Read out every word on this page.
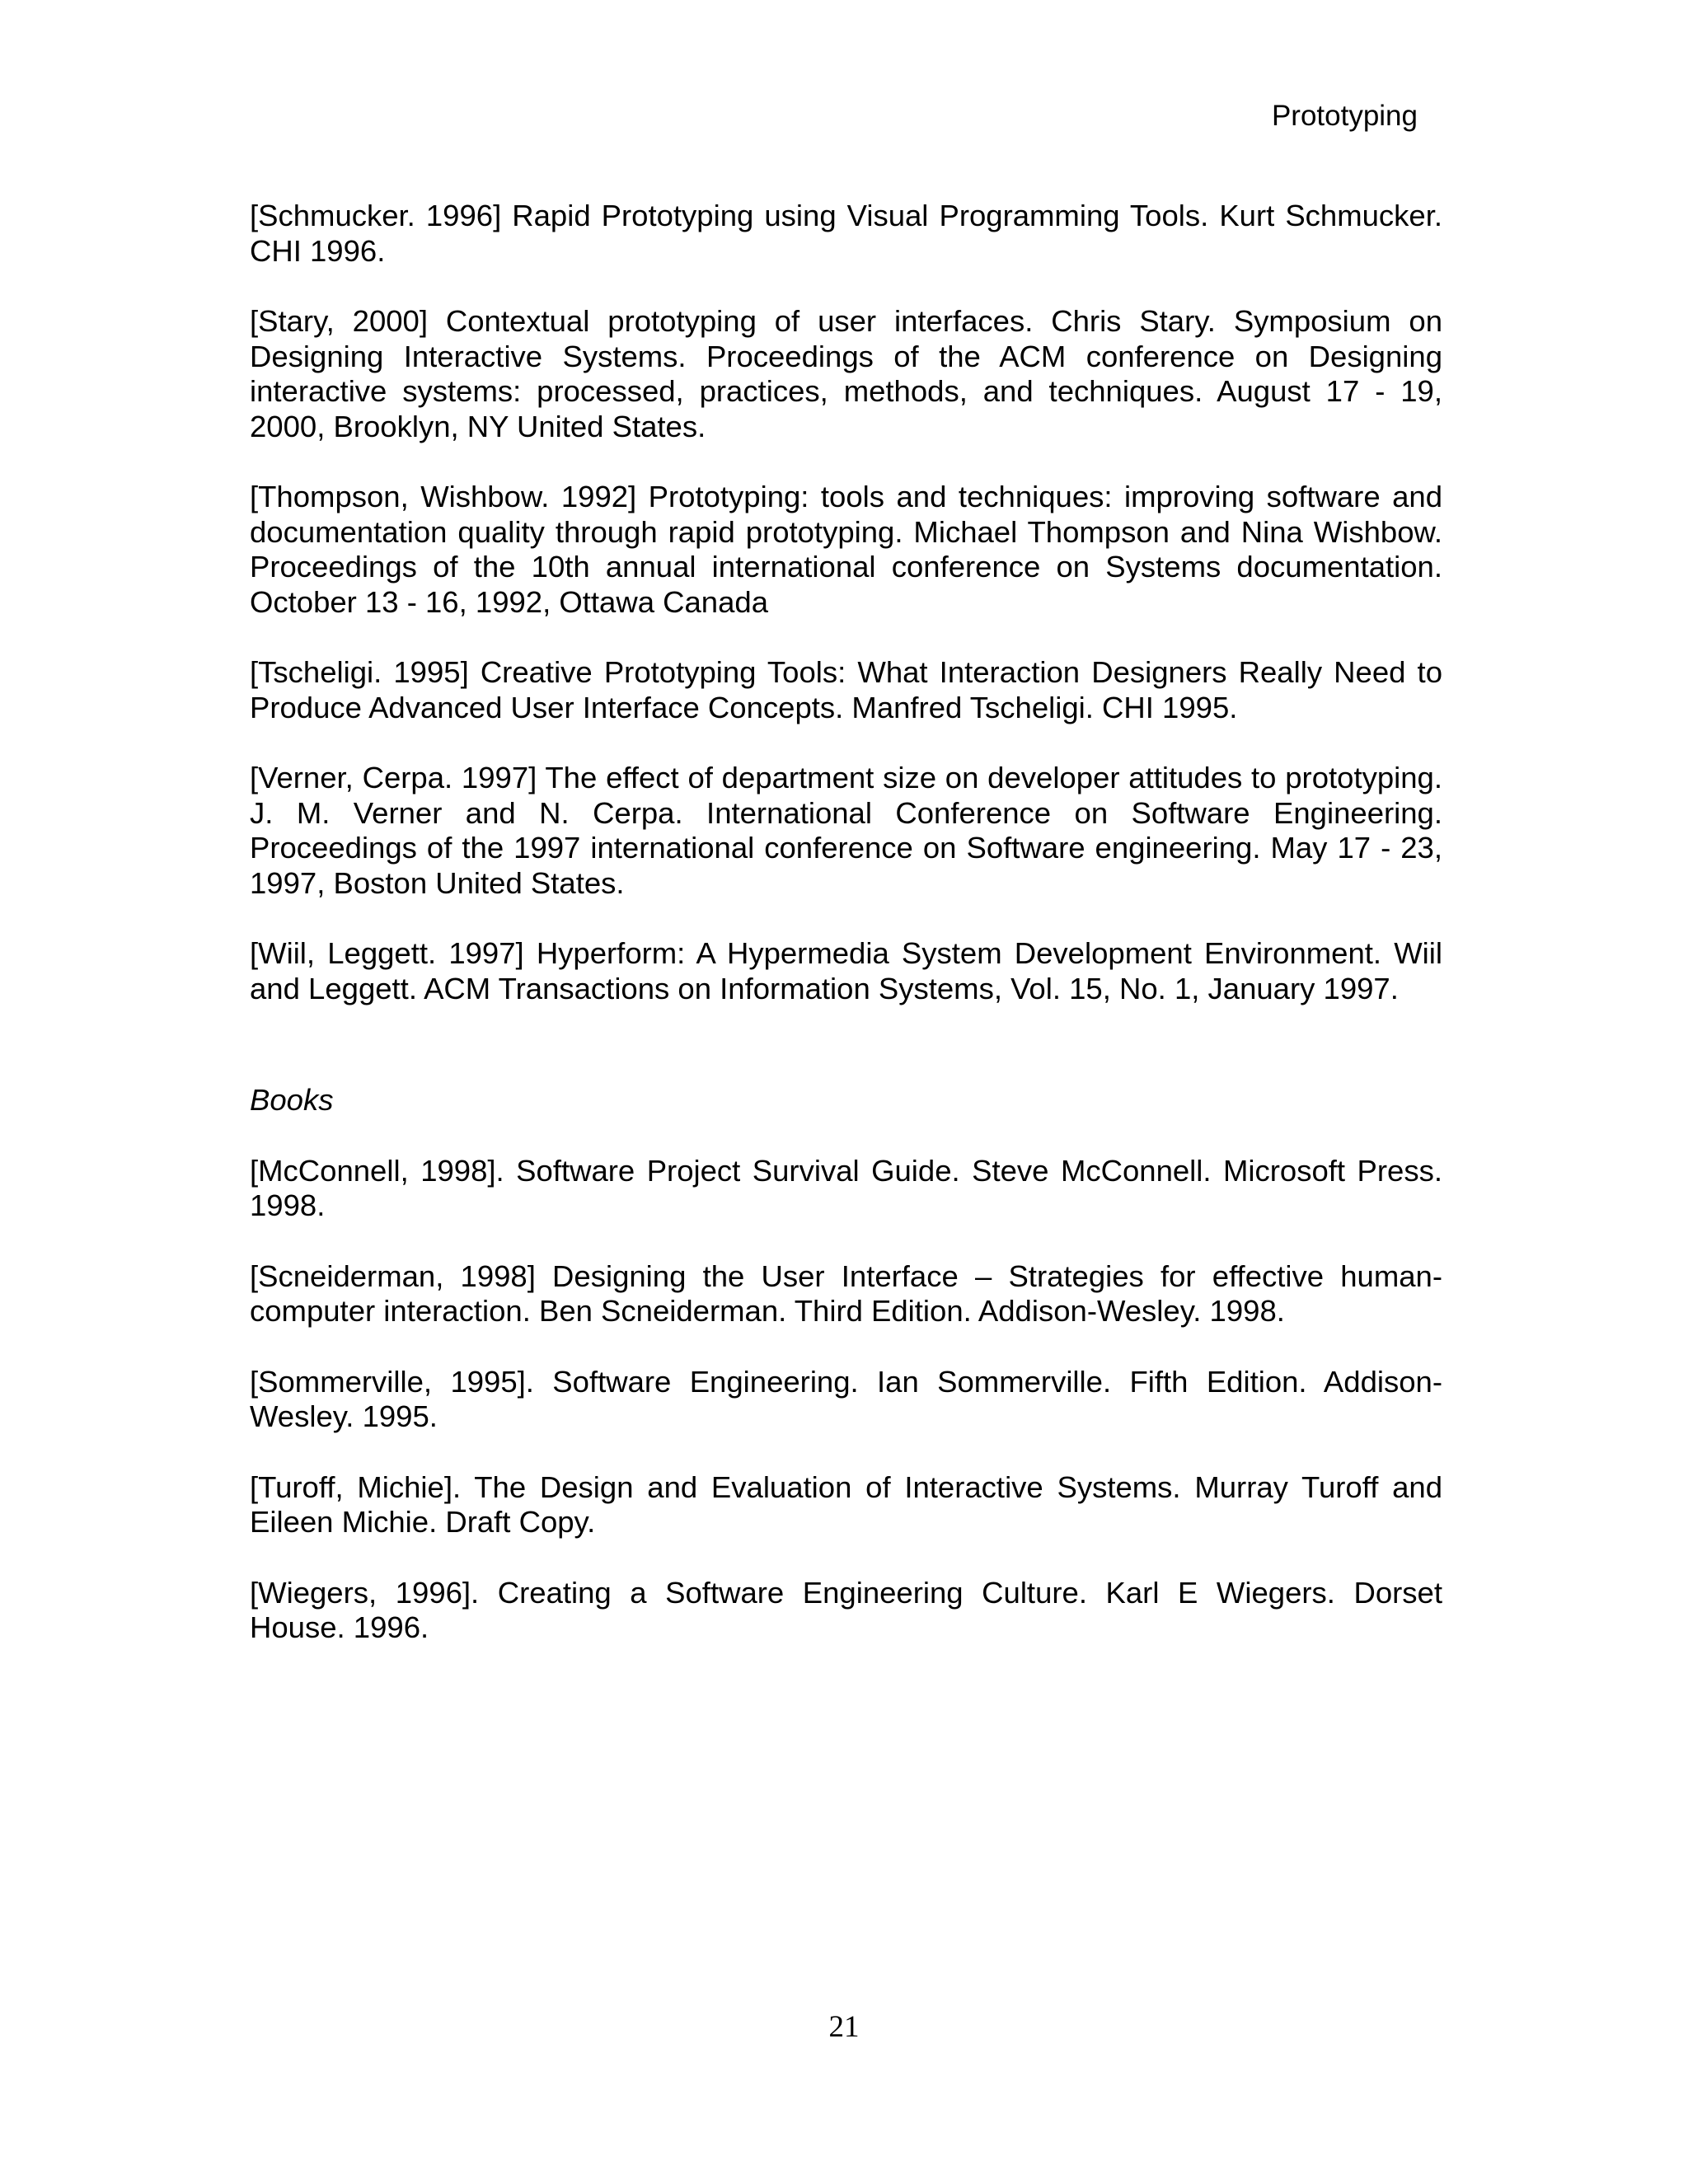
Prototyping

[Schmucker. 1996] Rapid Prototyping using Visual Programming Tools. Kurt Schmucker. CHI 1996.

[Stary, 2000] Contextual prototyping of user interfaces. Chris Stary. Symposium on Designing Interactive Systems. Proceedings of the ACM conference on Designing interactive systems: processed, practices, methods, and techniques. August 17 - 19, 2000, Brooklyn, NY United States.

[Thompson, Wishbow. 1992] Prototyping: tools and techniques: improving software and documentation quality through rapid prototyping. Michael Thompson and Nina Wishbow. Proceedings of the 10th annual international conference on Systems documentation. October 13 - 16, 1992, Ottawa Canada

[Tscheligi. 1995] Creative Prototyping Tools: What Interaction Designers Really Need to Produce Advanced User Interface Concepts. Manfred Tscheligi. CHI 1995.

[Verner, Cerpa. 1997] The effect of department size on developer attitudes to prototyping. J. M. Verner and N. Cerpa. International Conference on Software Engineering. Proceedings of the 1997 international conference on Software engineering. May 17 - 23, 1997, Boston United States.

[Wiil, Leggett. 1997] Hyperform: A Hypermedia System Development Environment. Wiil and Leggett. ACM Transactions on Information Systems, Vol. 15, No. 1, January 1997.

Books

[McConnell, 1998]. Software Project Survival Guide. Steve McConnell. Microsoft Press. 1998.

[Scneiderman, 1998] Designing the User Interface – Strategies for effective human-computer interaction. Ben Scneiderman. Third Edition. Addison-Wesley. 1998.

[Sommerville, 1995]. Software Engineering. Ian Sommerville. Fifth Edition. Addison-Wesley. 1995.

[Turoff, Michie]. The Design and Evaluation of Interactive Systems. Murray Turoff and Eileen Michie. Draft Copy.

[Wiegers, 1996]. Creating a Software Engineering Culture. Karl E Wiegers. Dorset House. 1996.

21
